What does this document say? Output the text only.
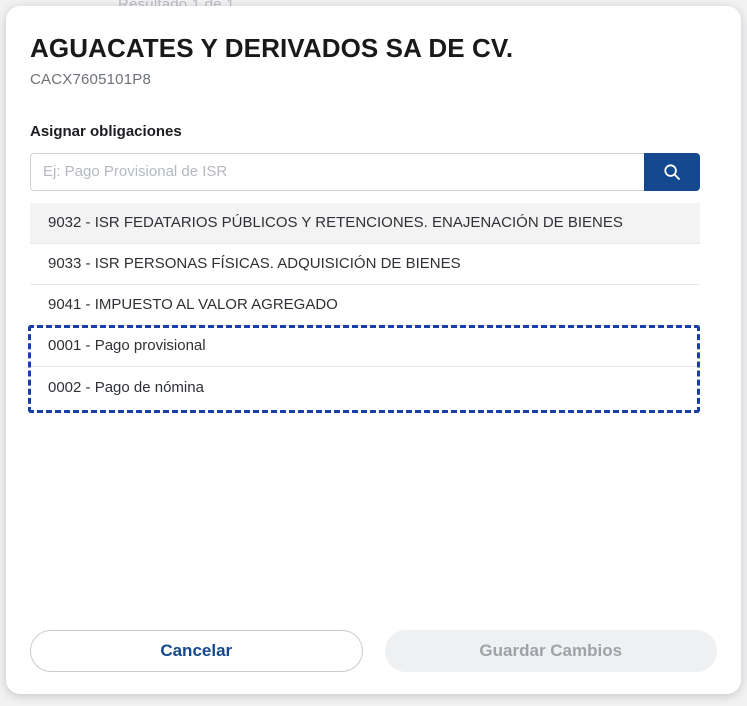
AGUACATES Y DERIVADOS SA DE CV.
CACX7605101P8
Asignar obligaciones
Ej: Pago Provisional de ISR
9032 - ISR FEDATARIOS PÚBLICOS Y RETENCIONES. ENAJENACIÓN DE BIENES
9033 - ISR PERSONAS FÍSICAS. ADQUISICIÓN DE BIENES
9041 - IMPUESTO AL VALOR AGREGADO
0001 - Pago provisional
0002 - Pago de nómina
Cancelar	Guardar Cambios
